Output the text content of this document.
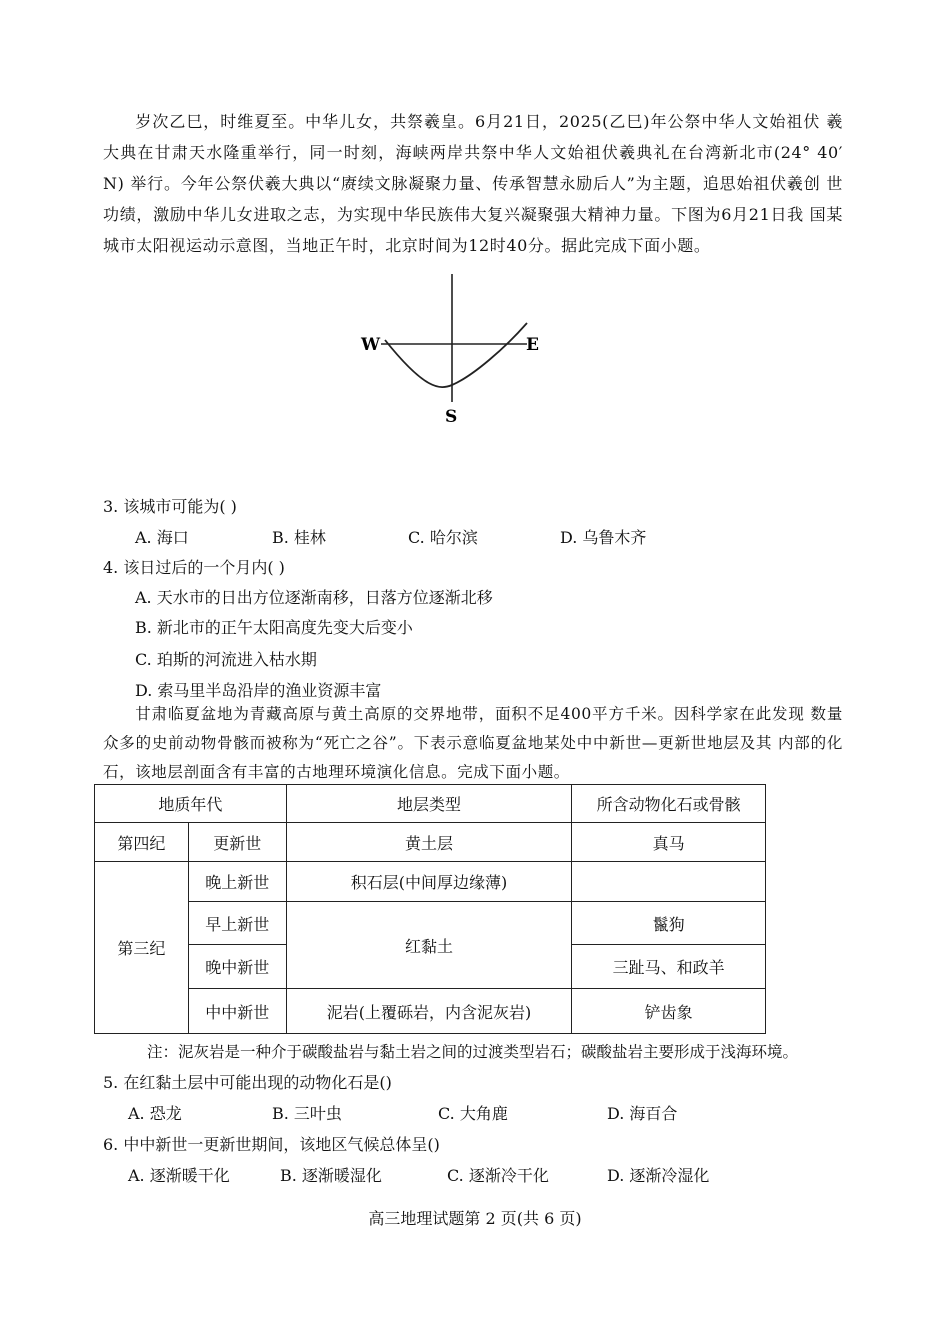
岁次乙巳，时维夏至。中华儿女，共祭羲皇。6月21日，2025(乙巳)年公祭中华人文始祖伏 羲大典在甘肃天水隆重举行，同一时刻，海峡两岸共祭中华人文始祖伏羲典礼在台湾新北市(24° 40′ N) 举行。今年公祭伏羲大典以“赓续文脉凝聚力量、传承智慧永励后人”为主题，追思始祖伏羲创 世功绩，激励中华儿女进取之志，为实现中华民族伟大复兴凝聚强大精神力量。下图为6月21日我 国某城市太阳视运动示意图，当地正午时，北京时间为12时40分。据此完成下面小题。
W	E
S
3. 该城市可能为( )
A. 海口	B. 桂林	C. 哈尔滨	D. 乌鲁木齐
4. 该日过后的一个月内( )
A. 天水市的日出方位逐渐南移，日落方位逐渐北移
B. 新北市的正午太阳高度先变大后变小
C. 珀斯的河流进入枯水期
D. 索马里半岛沿岸的渔业资源丰富
甘肃临夏盆地为青藏高原与黄土高原的交界地带，面积不足400平方千米。因科学家在此发现 数量众多的史前动物骨骸而被称为“死亡之谷”。下表示意临夏盆地某处中中新世—更新世地层及其 内部的化石，该地层剖面含有丰富的古地理环境演化信息。完成下面小题。
地质年代		地层类型	所含动物化石或骨骸
第四纪	更新世	黄土层	真马
第三纪	晚上新世	积石层(中间厚边缘薄)	
	早上新世	红黏土	鬣狗
	晚中新世		三趾马、和政羊
	中中新世	泥岩(上覆砾岩，内含泥灰岩)	铲齿象
注：泥灰岩是一种介于碳酸盐岩与黏土岩之间的过渡类型岩石；碳酸盐岩主要形成于浅海环境。
5. 在红黏土层中可能出现的动物化石是()
A. 恐龙	B. 三叶虫	C. 大角鹿	D. 海百合
6. 中中新世一更新世期间，该地区气候总体呈()
A. 逐渐暖干化	B. 逐渐暖湿化	C. 逐渐冷干化	D. 逐渐冷湿化
高三地理试题第 2 页(共 6 页)
